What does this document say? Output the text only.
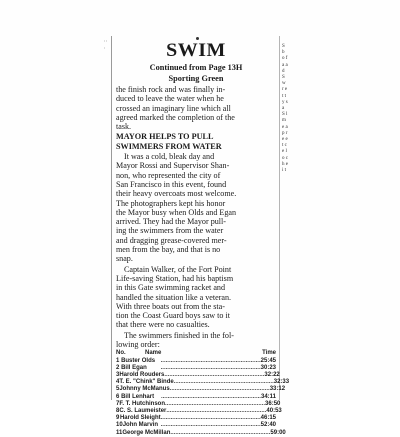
' ' '
S b o f a a d S w r e t t y s a S l m e a p r e e t c e l o c h e i t
SWIM
Continued from Page 13H
Sporting Green

the finish rock and was finally in-
duced to leave the water when he
crossed an imaginary line which all
agreed marked the completion of the
task.

MAYOR HELPS TO PULL
SWIMMERS FROM WATER

It was a cold, bleak day and
Mayor Rossi and Supervisor Shan-
non, who represented the city of
San Francisco in this event, found
their heavy overcoats most welcome.
The photographers kept his honor
the Mayor busy when Olds and Egan
arrived. They had the Mayor pull-
ing the swimmers from the water
and dragging grease-covered mer-
men from the bay, and that is no
snap.

Captain Walker, of the Fort Point
Life-saving Station, had his baptism
in this Gate swimming racket and
handled the situation like a veteran.
With three boats out from the sta-
tion the Coast Guard boys saw to it
that there were no casualties.

The swimmers finished in the fol-
lowing order:

No.	Name	Time
1 Buster Olds ............................................................ 25:45
2 Bill Egan	............................................................ 30:23
3 Harold Rouders ............................................................ 32:22
4 T. E. "Chink" Binde ............................................................ 32:33
5 Johnny McManus ............................................................ 33:12
6 Bill Lenhart	............................................................ 34:11
7 F. T. Hutchinson ............................................................ 36:50
8 C. S. Laumeister ............................................................ 40:53
9 Harold Sleight ............................................................ 46:15
10 John Marvin ............................................................ 52:40
11 George McMillan ............................................................ 59:00
